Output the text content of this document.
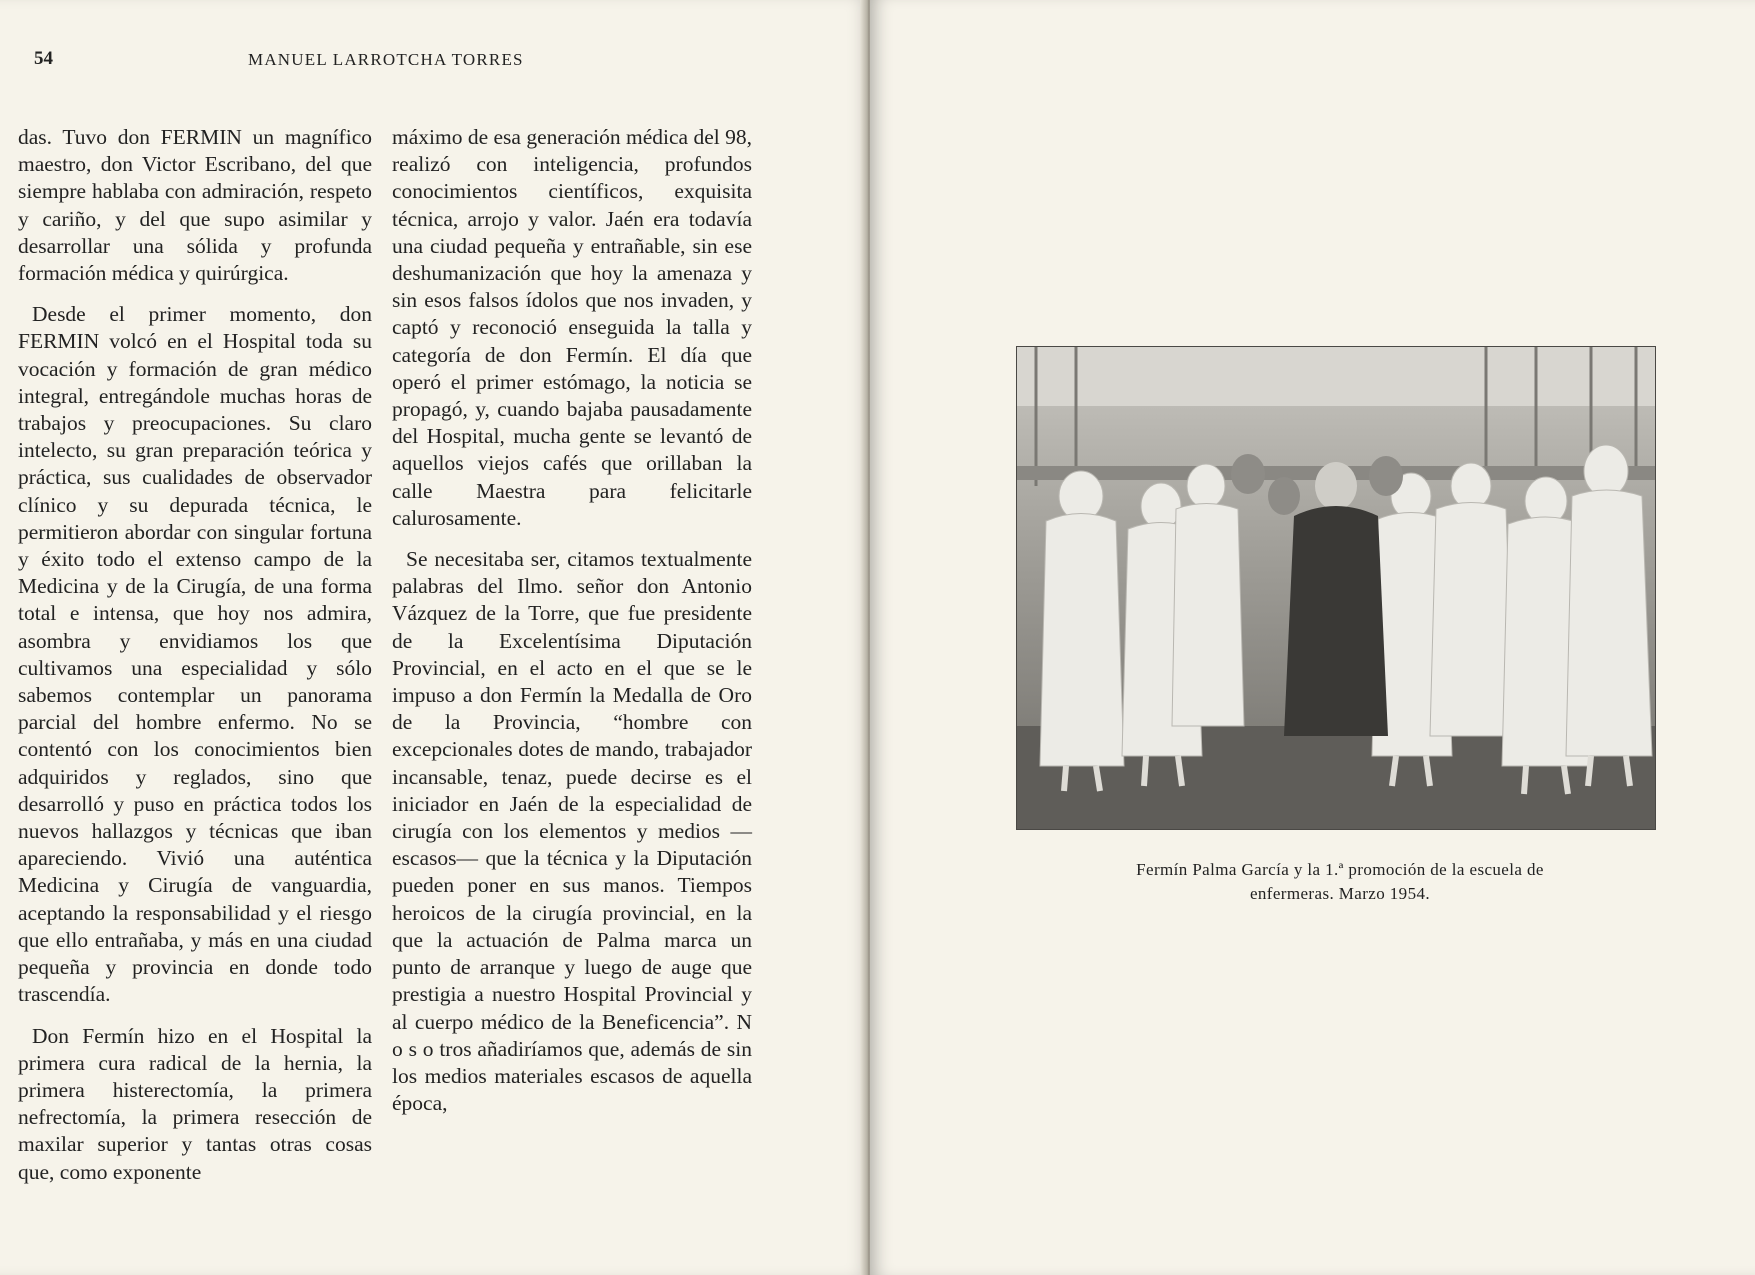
54	MANUEL LARROTCHA TORRES

das. Tuvo don FERMIN un magnífico maestro, don Victor Escribano, del que siempre hablaba con admiración, respeto y cariño, y del que supo asimilar y desarrollar una sólida y profunda formación médica y quirúrgica.

Desde el primer momento, don FERMIN volcó en el Hospital toda su vocación y formación de gran médico integral, entregándole muchas horas de trabajos y preocupaciones. Su claro intelecto, su gran preparación teórica y práctica, sus cualidades de observador clínico y su depurada técnica, le permitieron abordar con singular fortuna y éxito todo el extenso campo de la Medicina y de la Cirugía, de una forma total e intensa, que hoy nos admira, asombra y envidiamos los que cultivamos una especialidad y sólo sabemos contemplar un panorama parcial del hombre enfermo. No se contentó con los conocimientos bien adquiridos y reglados, sino que desarrolló y puso en práctica todos los nuevos hallazgos y técnicas que iban apareciendo. Vivió una auténtica Medicina y Cirugía de vanguardia, aceptando la responsabilidad y el riesgo que ello entrañaba, y más en una ciudad pequeña y provincia en donde todo trascendía.

Don Fermín hizo en el Hospital la primera cura radical de la hernia, la primera histerectomía, la primera nefrectomía, la primera resección de maxilar superior y tantas otras cosas que, como exponente

máximo de esa generación médica del 98, realizó con inteligencia, profundos conocimientos científicos, exquisita técnica, arrojo y valor. Jaén era todavía una ciudad pequeña y entrañable, sin ese deshumanización que hoy la amenaza y sin esos falsos ídolos que nos invaden, y captó y reconoció enseguida la talla y categoría de don Fermín. El día que operó el primer estómago, la noticia se propagó, y, cuando bajaba pausadamente del Hospital, mucha gente se levantó de aquellos viejos cafés que orillaban la calle Maestra para felicitarle calurosamente.

Se necesitaba ser, citamos textualmente palabras del Ilmo. señor don Antonio Vázquez de la Torre, que fue presidente de la Excelentísima Diputación Provincial, en el acto en el que se le impuso a don Fermín la Medalla de Oro de la Provincia, “hombre con excepcionales dotes de mando, trabajador incansable, tenaz, puede decirse es el iniciador en Jaén de la especialidad de cirugía con los elementos y medios —escasos— que la técnica y la Diputación pueden poner en sus manos. Tiempos heroicos de la cirugía provincial, en la que la actuación de Palma marca un punto de arranque y luego de auge que prestigia a nuestro Hospital Provincial y al cuerpo médico de la Beneficencia”. N o s o tros añadiríamos que, además de sin los medios materiales escasos de aquella época,

Fermín Palma García y la 1.ª promoción de la escuela de
enfermeras. Marzo 1954.
